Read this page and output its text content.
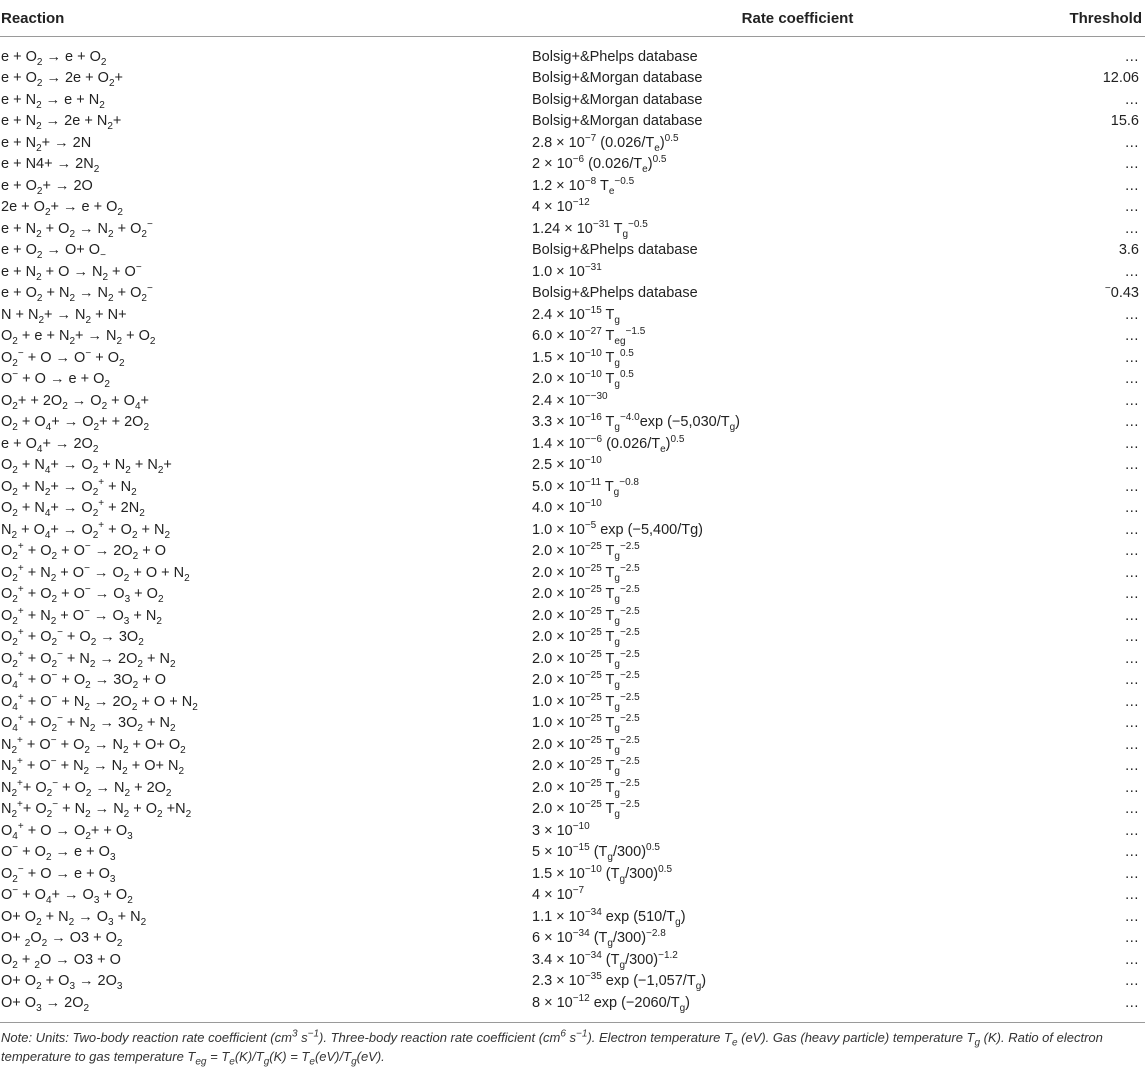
Reaction	Rate coefficient	Threshold

$e + O_2 \to e + O_2$	Bolsig+&Phelps database	…
$e + O_2 \to 2e + O_2+$	Bolsig+&Morgan database	12.06
$e + N_2 \to e + N_2$	Bolsig+&Morgan database	…
$e + N_2 \to 2e + N_2+$	Bolsig+&Morgan database	15.6
$e + N_2+ \to 2N$	$2.8 \times 10^{-7}$ $(0.026/T_e)^{0.5}$	…
$e + N4+ \to 2N_2$	$2 \times 10^{-6}$ $(0.026/T_e)^{0.5}$	…
$e + O_2+ \to 2O$	$1.2 \times 10^{-8}$ $T_e^{-0.5}$	…
$2e + O_2+ \to e + O_2$	$4 \times 10^{-12}$	…
$e + N_2 + O_2 \to N_2 + O_2^-$	$1.24 \times 10^{-31}$ $T_g^{-0.5}$	…
$e + O_2 \to O+ O_-$	Bolsig+&Phelps database	3.6
$e + N_2 + O \to N_2 + O^-$	$1.0 \times 10^{-31}$	…
$e + O_2 + N_2 \to N_2 + O_2^-$	Bolsig+&Phelps database	−0.43
$N + N_2+ \to N_2 + N+$	$2.4 \times 10^{-15}$ $T_g$	…
$O_2 + e + N_2+ \to N_2 + O_2$	$6.0 \times 10^{-27}$ $T_{eg}^{-1.5}$	…
$O_2^- + O \to O^- + O_2$	$1.5 \times 10^{-10}$ $T_g^{0.5}$	…
$O^- + O \to e + O_2$	$2.0 \times 10^{-10}$ $T_g^{0.5}$	…
$O_2+ + 2O_2 \to O_2 + O_4+$	$2.4 \times 10^{--30}$	…
$O_2 + O_4+ \to O_2+ + 2O_2$	$3.3 \times 10^{-16}$ $T_g^{-4.0}\exp$ $(-5,030/T_g)$	…
$e + O_4+ \to 2O_2$	$1.4 \times 10^{--6}$ $(0.026/T_e)^{0.5}$	…
$O_2 + N_4+ \to O_2 + N_2 + N_2+$	$2.5 \times 10^{-10}$	…
$O_2 + N_2+ \to O_2^+ + N_2$	$5.0 \times 10^{-11}$ $T_g^{-0.8}$	…
$O_2 + N_4+ \to O_2^+ + 2N_2$	$4.0 \times 10^{-10}$	…
$N_2 + O_4+ \to O_2^+ + O_2 + N_2$	$1.0 \times 10^{-5}$ exp (−5,400/Tg)	…
$O_2^+ + O_2 + O^- \to 2O_2 + O$	$2.0 \times 10^{-25}$ $T_g^{-2.5}$	…
$O_2^+ + N_2 + O^- \to O_2 + O + N_2$	$2.0 \times 10^{-25}$ $T_g^{-2.5}$	…
$O_2^+ + O_2 + O^- \to O_3 + O_2$	$2.0 \times 10^{-25}$ $T_g^{-2.5}$	…
$O_2^+ + N_2 + O^- \to O_3 + N_2$	$2.0 \times 10^{-25}$ $T_g^{-2.5}$	…
$O_2^+ + O_2^- + O_2 \to 3O_2$	$2.0 \times 10^{-25}$ $T_g^{-2.5}$	…
$O_2^+ + O_2^- + N_2 \to 2O_2 + N_2$	$2.0 \times 10^{-25}$ $T_g^{-2.5}$	…
$O_4^+ + O^- + O_2 \to 3O_2 + O$	$2.0 \times 10^{-25}$ $T_g^{-2.5}$	…
$O_4^+ + O^- + N_2 \to 2O_2 + O + N_2$	$1.0 \times 10^{-25}$ $T_g^{-2.5}$	…
$O_4^+ + O_2^- + N_2 \to 3O_2 + N_2$	$1.0 \times 10^{-25}$ $T_g^{-2.5}$	…
$N_2^+ + O^- + O_2 \to N_2 + O+ O_2$	$2.0 \times 10^{-25}$ $T_g^{-2.5}$	…
$N_2^+ + O^- + N_2 \to N_2 + O+ N_2$	$2.0 \times 10^{-25}$ $T_g^{-2.5}$	…
$N_2^++ O_2^- + O_2 \to N_2 + 2O_2$	$2.0 \times 10^{-25}$ $T_g^{-2.5}$	…
$N_2^++ O_2^- + N_2 \to N_2 + O_2 +N_2$	$2.0 \times 10^{-25}$ $T_g^{-2.5}$	…
$O_4^+ + O \to O_2+ + O_3$	$3 \times 10^{-10}$	…
$O^- + O_2 \to e + O_3$	$5 \times 10^{-15}$ $(T_g/300)^{0.5}$	…
$O_2^- + O \to e + O_3$	$1.5 \times 10^{-10}$ $(T_g/300)^{0.5}$	…
$O^- + O_4+ \to O_3 + O_2$	$4 \times 10^{-7}$	…
$O+ O_2 + N_2 \to O_3 + N_2$	$1.1 \times 10^{-34}$ $\exp (510/T_g)$	…
$O+ _2O_2 \to O3 + O_2$	$6 \times 10^{-34}$ $(T_g/300)^{-2.8}$	…
$O_2 + _2O \to O3 + O$	$3.4 \times 10^{-34}$ $(T_g/300)^{-1.2}$	…
$O+ O_2 + O_3 \to 2O_3$	$2.3 \times 10^{-35}$ $\exp (-1,057/T_g)$	…
$O+ O_3 \to 2O_2$	$8 \times 10^{-12}$ $\exp (-2060/T_g)$	…

Note: Units: Two-body reaction rate coefficient ($cm^3$ $s^{-1}$). Three-body reaction rate coefficient ($cm^6$ $s^{-1}$). Electron temperature $T_e$ (eV). Gas (heavy particle) temperature $T_g$ (K). Ratio of electron temperature to gas temperature $T_{eg} = T_e(K)/T_g(K) = T_e(eV)/T_g(eV)$.
